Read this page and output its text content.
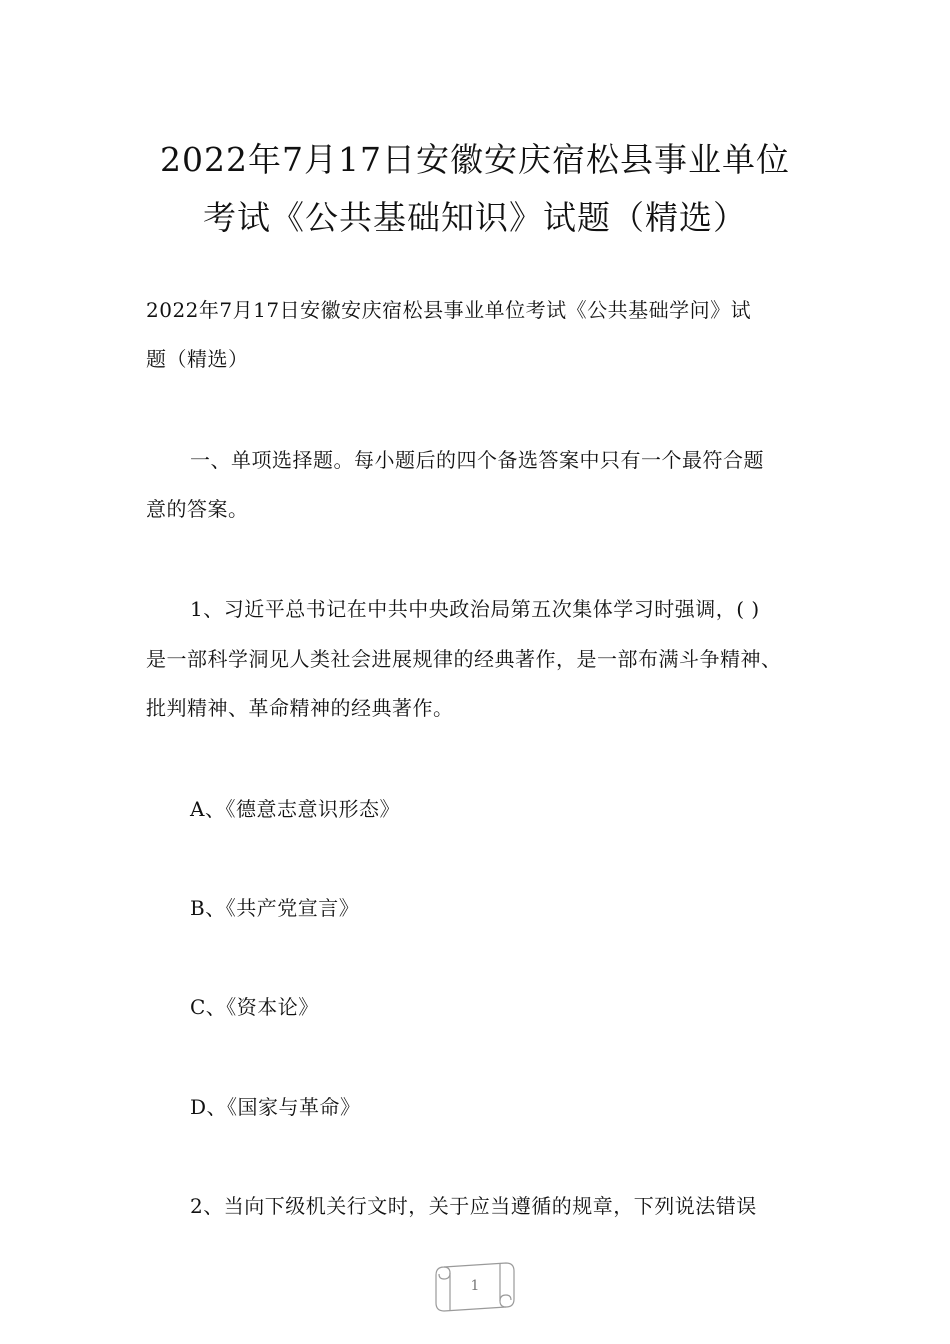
2022年7月17日安徽安庆宿松县事业单位
考试《公共基础知识》试题（精选）
2022年7月17日安徽安庆宿松县事业单位考试《公共基础学问》试
题（精选）
一、单项选择题。每小题后的四个备选答案中只有一个最符合题
意的答案。
1、习近平总书记在中共中央政治局第五次集体学习时强调，( )
是一部科学洞见人类社会进展规律的经典著作，是一部布满斗争精神、
批判精神、革命精神的经典著作。
A、《德意志意识形态》
B、《共产党宣言》
C、《资本论》
D、《国家与革命》
2、当向下级机关行文时，关于应当遵循的规章，下列说法错误
1
